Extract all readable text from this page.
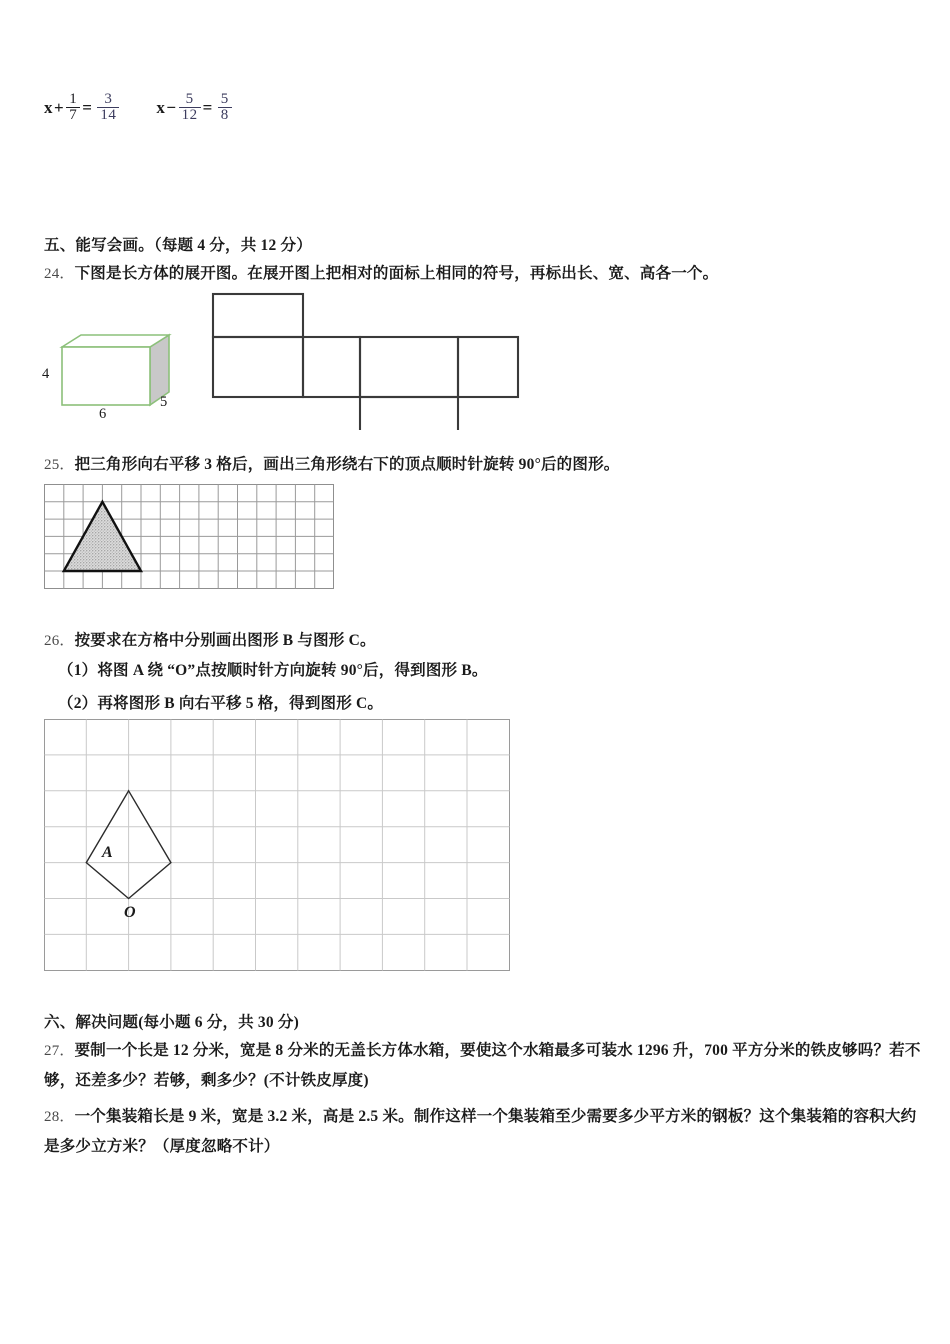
$x + \frac{1}{7} = \frac{3}{14}$ $x - \frac{5}{12} = \frac{5}{8}$
五、能写会画。（每题 4 分，共 12 分）
24．下图是长方体的展开图。在展开图上把相对的面标上相同的符号，再标出长、宽、高各一个。
4
5
6
25．把三角形向右平移 3 格后，画出三角形绕右下的顶点顺时针旋转 90°后的图形。
26．按要求在方格中分别画出图形 B 与图形 C。
（1）将图 A 绕 “O”点按顺时针方向旋转 90°后，得到图形 B。
（2）再将图形 B 向右平移 5 格，得到图形 C。
A
O
六、解决问题(每小题 6 分，共 30 分)
27．要制一个长是 12 分米，宽是 8 分米的无盖长方体水箱，要使这个水箱最多可装水 1296 升，700 平方分米的铁皮够吗？若不够，还差多少？若够，剩多少？(不计铁皮厚度)
28．一个集装箱长是 9 米，宽是 3.2 米，高是 2.5 米。制作这样一个集装箱至少需要多少平方米的钢板？这个集装箱的容积大约是多少立方米？（厚度忽略不计）
